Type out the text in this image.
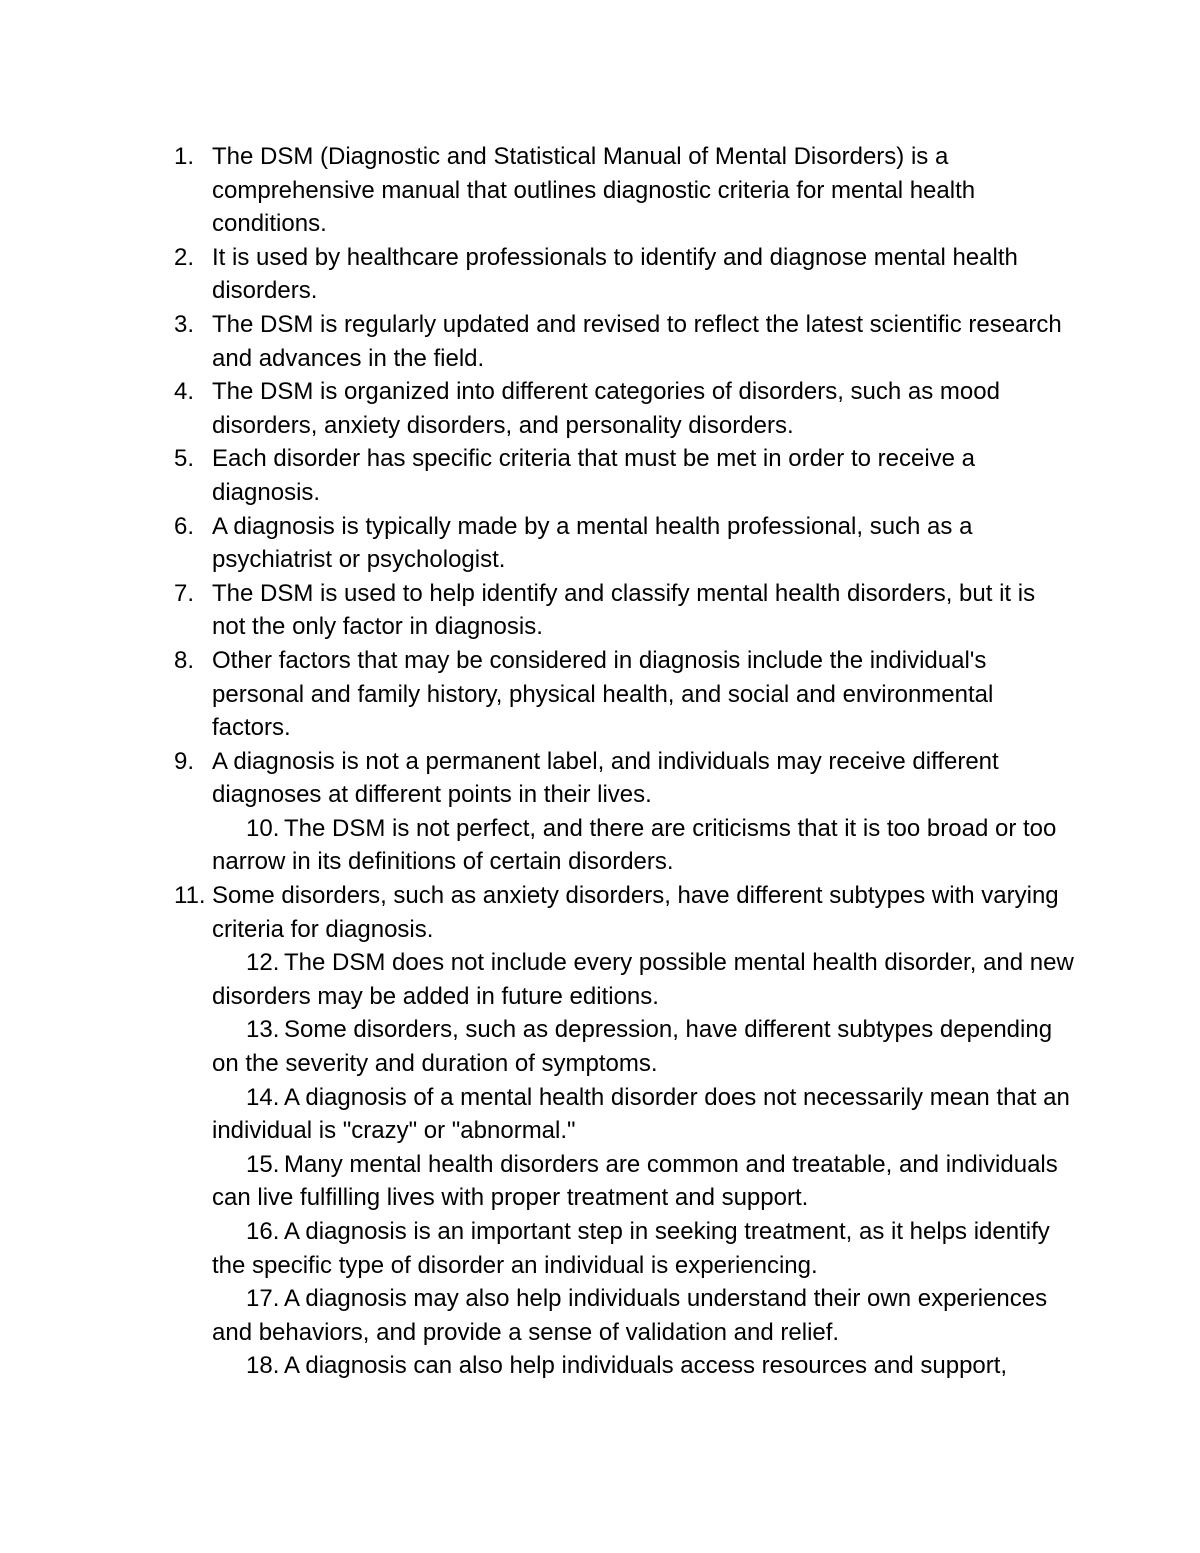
1. The DSM (Diagnostic and Statistical Manual of Mental Disorders) is a comprehensive manual that outlines diagnostic criteria for mental health conditions.
2. It is used by healthcare professionals to identify and diagnose mental health disorders.
3. The DSM is regularly updated and revised to reflect the latest scientific research and advances in the field.
4. The DSM is organized into different categories of disorders, such as mood disorders, anxiety disorders, and personality disorders.
5. Each disorder has specific criteria that must be met in order to receive a diagnosis.
6. A diagnosis is typically made by a mental health professional, such as a psychiatrist or psychologist.
7. The DSM is used to help identify and classify mental health disorders, but it is not the only factor in diagnosis.
8. Other factors that may be considered in diagnosis include the individual's personal and family history, physical health, and social and environmental factors.
9. A diagnosis is not a permanent label, and individuals may receive different diagnoses at different points in their lives.
10. The DSM is not perfect, and there are criticisms that it is too broad or too narrow in its definitions of certain disorders.
11. Some disorders, such as anxiety disorders, have different subtypes with varying criteria for diagnosis.
12. The DSM does not include every possible mental health disorder, and new disorders may be added in future editions.
13. Some disorders, such as depression, have different subtypes depending on the severity and duration of symptoms.
14. A diagnosis of a mental health disorder does not necessarily mean that an individual is "crazy" or "abnormal."
15. Many mental health disorders are common and treatable, and individuals can live fulfilling lives with proper treatment and support.
16. A diagnosis is an important step in seeking treatment, as it helps identify the specific type of disorder an individual is experiencing.
17. A diagnosis may also help individuals understand their own experiences and behaviors, and provide a sense of validation and relief.
18. A diagnosis can also help individuals access resources and support,
